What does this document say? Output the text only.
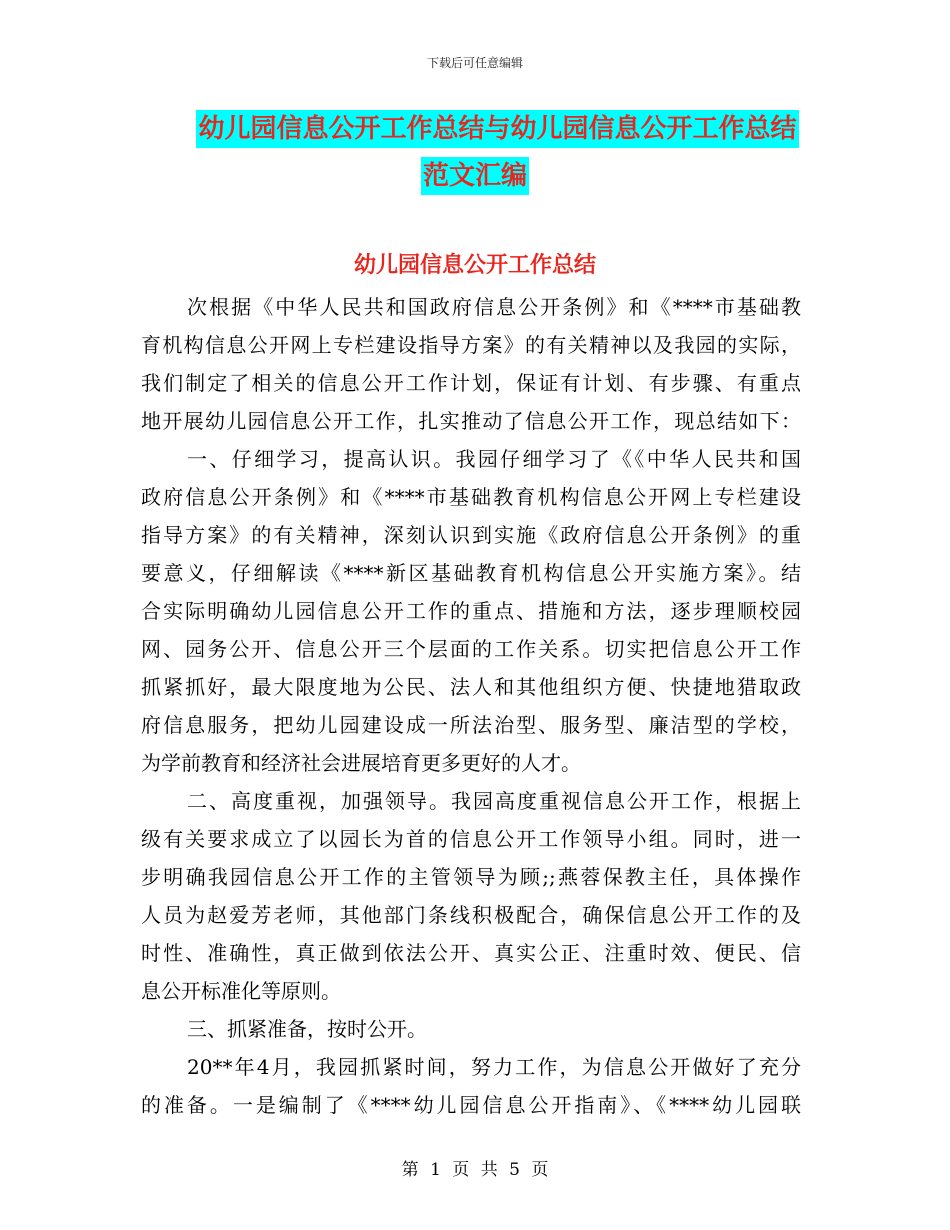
下载后可任意编辑
幼儿园信息公开工作总结与幼儿园信息公开工作总结
范文汇编
幼儿园信息公开工作总结
次根据《中华人民共和国政府信息公开条例》和《****市基础教
育机构信息公开网上专栏建设指导方案》的有关精神以及我园的实际，
我们制定了相关的信息公开工作计划，保证有计划、有步骤、有重点
地开展幼儿园信息公开工作，扎实推动了信息公开工作，现总结如下：
一、仔细学习，提高认识。我园仔细学习了《《中华人民共和国
政府信息公开条例》和《****市基础教育机构信息公开网上专栏建设
指导方案》的有关精神，深刻认识到实施《政府信息公开条例》的重
要意义，仔细解读《****新区基础教育机构信息公开实施方案》。结
合实际明确幼儿园信息公开工作的重点、措施和方法，逐步理顺校园
网、园务公开、信息公开三个层面的工作关系。切实把信息公开工作
抓紧抓好，最大限度地为公民、法人和其他组织方便、快捷地猎取政
府信息服务，把幼儿园建设成一所法治型、服务型、廉洁型的学校，
为学前教育和经济社会进展培育更多更好的人才。
二、高度重视，加强领导。我园高度重视信息公开工作，根据上
级有关要求成立了以园长为首的信息公开工作领导小组。同时，进一
步明确我园信息公开工作的主管领导为顾;;燕蓉保教主任，具体操作
人员为赵爱芳老师，其他部门条线积极配合，确保信息公开工作的及
时性、准确性，真正做到依法公开、真实公正、注重时效、便民、信
息公开标准化等原则。
三、抓紧准备，按时公开。
20**年4月，我园抓紧时间，努力工作，为信息公开做好了充分
的准备。一是编制了《****幼儿园信息公开指南》、《****幼儿园联
第 1 页 共 5 页
